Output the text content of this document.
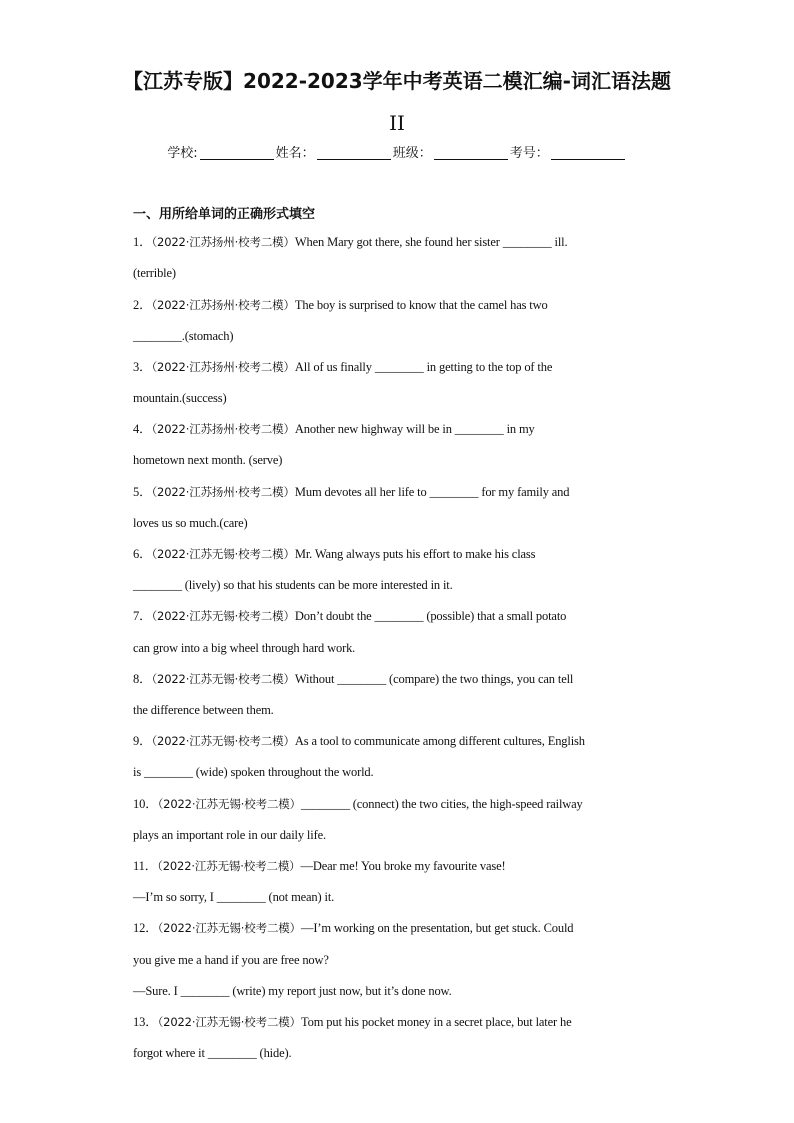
【江苏专版】2022-2023学年中考英语二模汇编-词汇语法题
II
学校:	姓名：	班级：	考号：
一、用所给单词的正确形式填空
1．（2022·江苏扬州·校考二模）When Mary got there, she found her sister ________ ill.
(terrible)
2．（2022·江苏扬州·校考二模）The boy is surprised to know that the camel has two
________.(stomach)
3．（2022·江苏扬州·校考二模）All of us finally ________ in getting to the top of the
mountain.(success)
4．（2022·江苏扬州·校考二模）Another new highway will be in ________ in my
hometown next month. (serve)
5．（2022·江苏扬州·校考二模）Mum devotes all her life to ________ for my family and
loves us so much.(care)
6．（2022·江苏无锡·校考二模）Mr. Wang always puts his effort to make his class
________ (lively) so that his students can be more interested in it.
7．（2022·江苏无锡·校考二模）Don’t doubt the ________ (possible) that a small potato
can grow into a big wheel through hard work.
8．（2022·江苏无锡·校考二模）Without ________ (compare) the two things, you can tell
the difference between them.
9．（2022·江苏无锡·校考二模）As a tool to communicate among different cultures, English
is ________ (wide) spoken throughout the world.
10．（2022·江苏无锡·校考二模）________ (connect) the two cities, the high-speed railway
plays an important role in our daily life.
11．（2022·江苏无锡·校考二模）—Dear me! You broke my favourite vase!
—I’m so sorry, I ________ (not mean) it.
12．（2022·江苏无锡·校考二模）—I’m working on the presentation, but get stuck. Could
you give me a hand if you are free now?
—Sure. I ________ (write) my report just now, but it’s done now.
13．（2022·江苏无锡·校考二模）Tom put his pocket money in a secret place, but later he
forgot where it ________ (hide).
